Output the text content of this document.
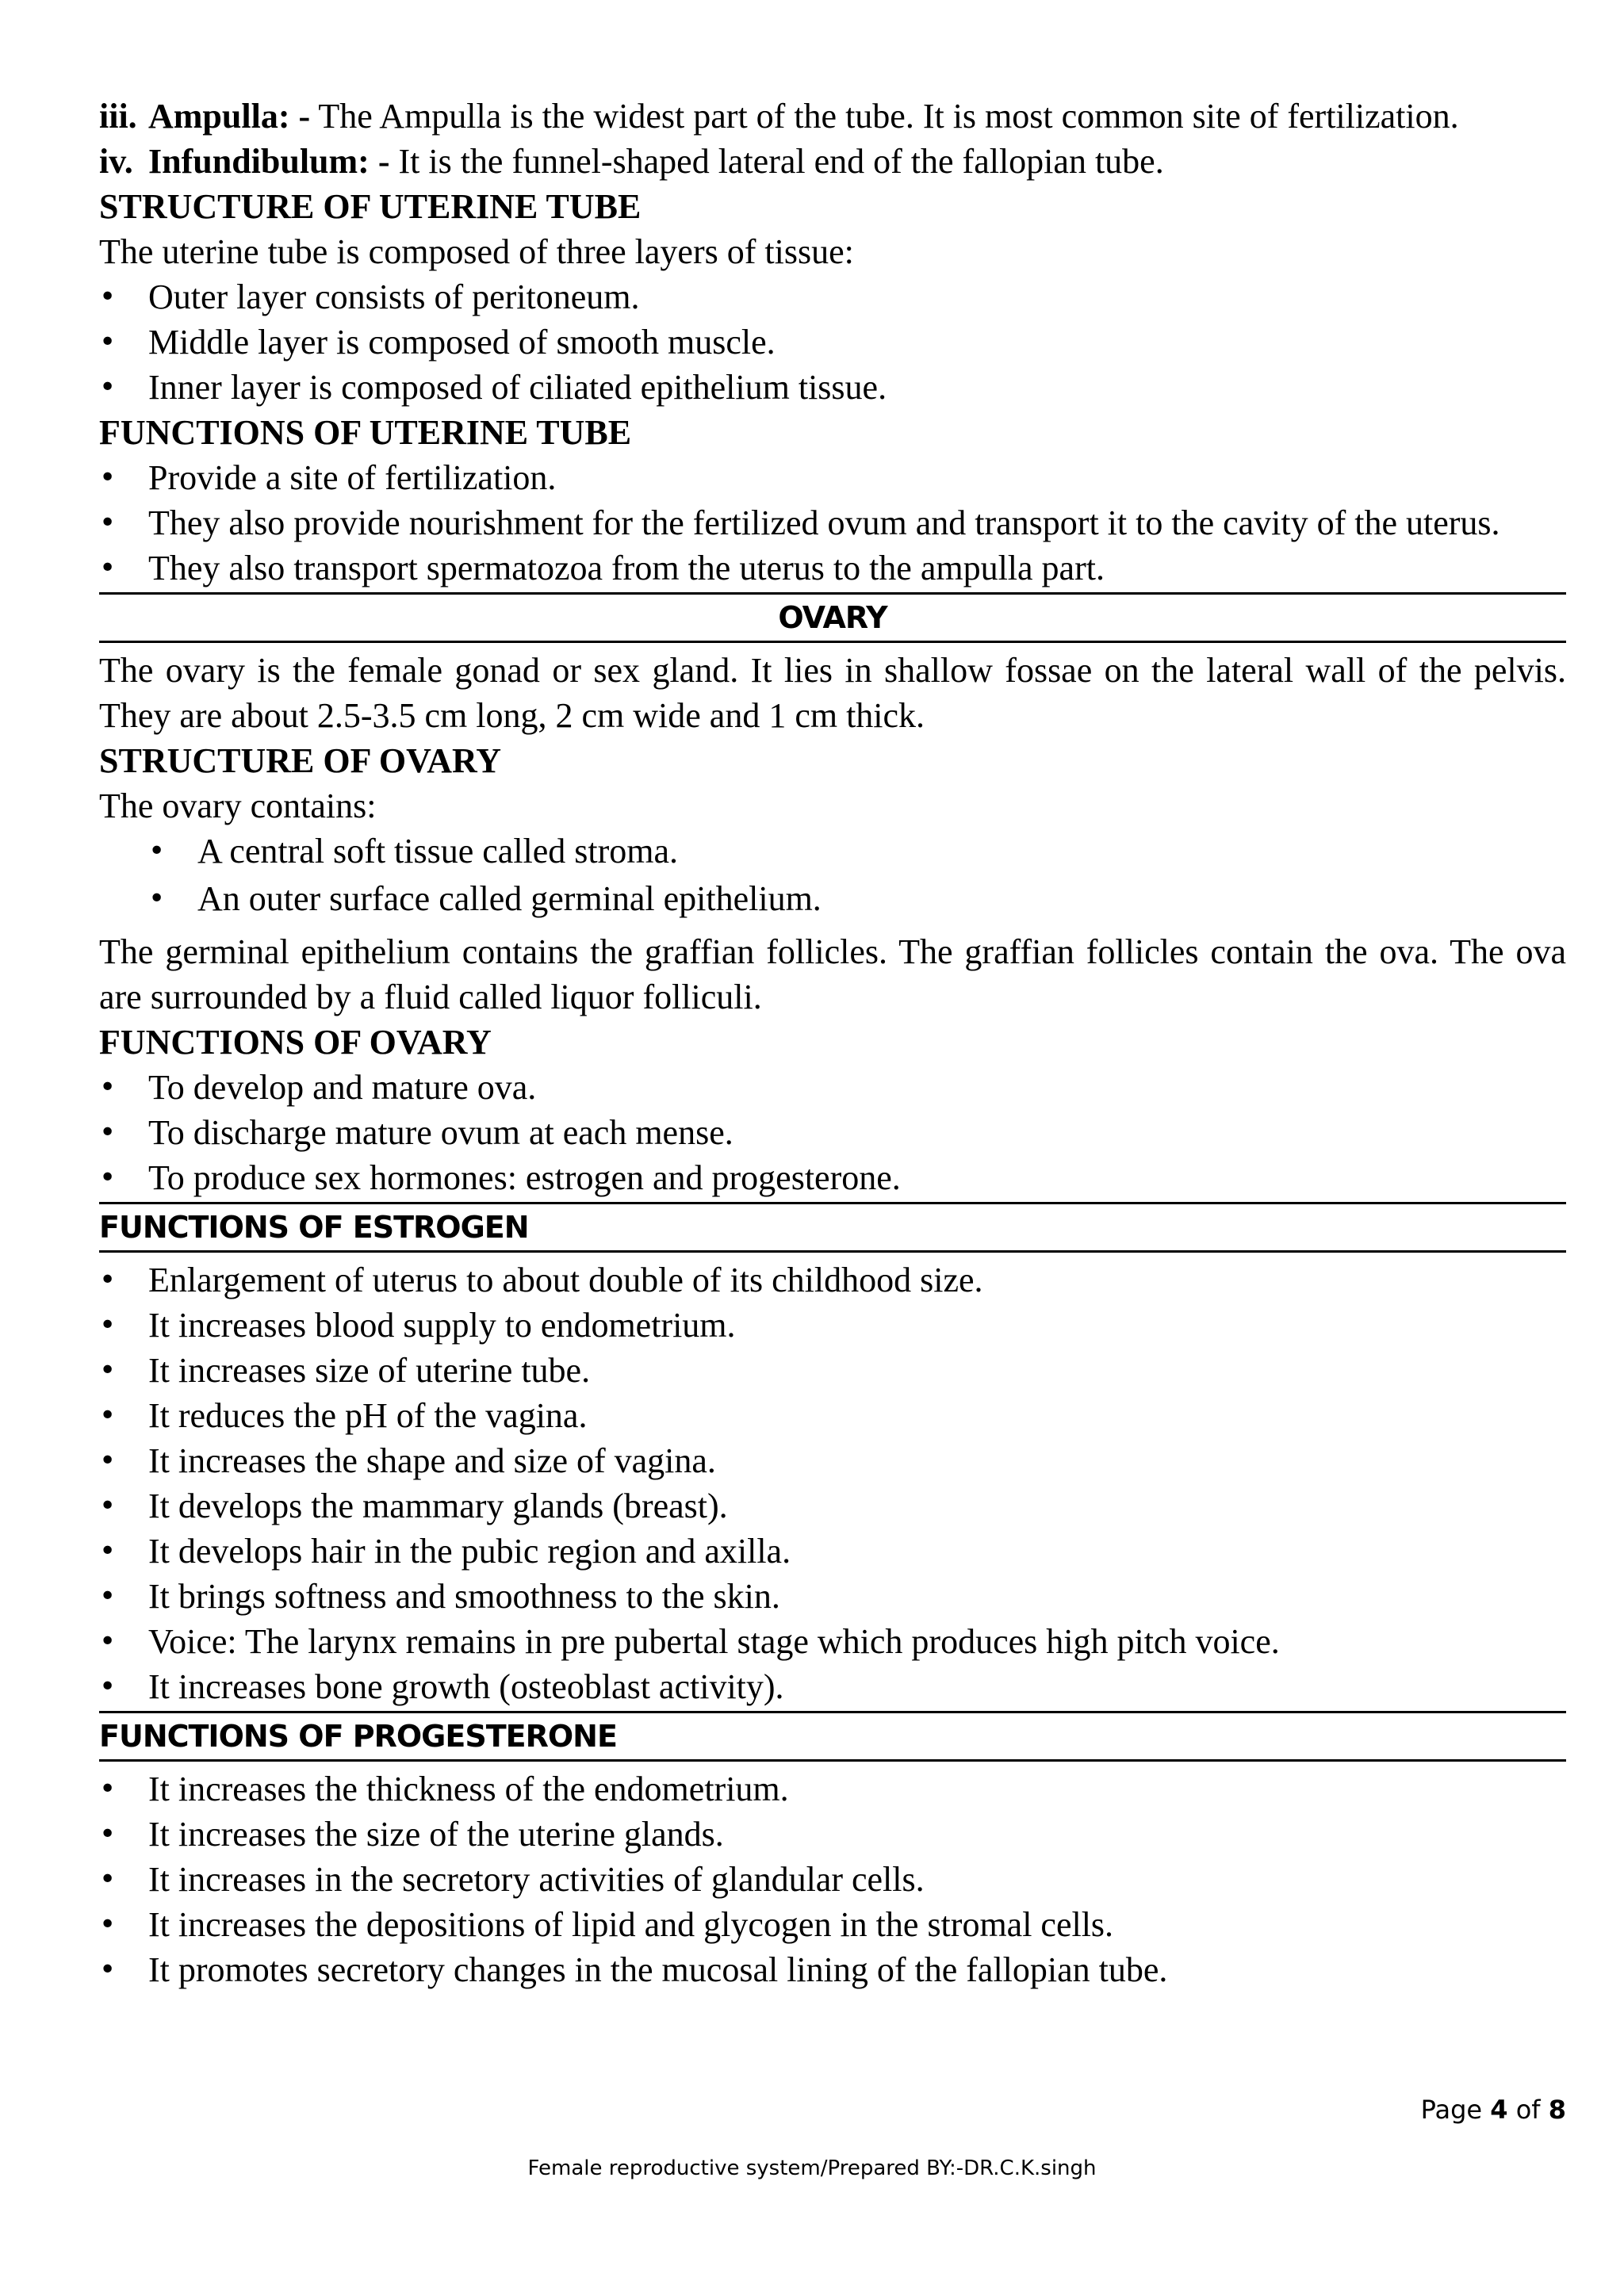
iii. Ampulla: - The Ampulla is the widest part of the tube. It is most common site of fertilization.
iv. Infundibulum: - It is the funnel-shaped lateral end of the fallopian tube.
STRUCTURE OF UTERINE TUBE
The uterine tube is composed of three layers of tissue:
• Outer layer consists of peritoneum.
• Middle layer is composed of smooth muscle.
• Inner layer is composed of ciliated epithelium tissue.
FUNCTIONS OF UTERINE TUBE
• Provide a site of fertilization.
• They also provide nourishment for the fertilized ovum and transport it to the cavity of the uterus.
• They also transport spermatozoa from the uterus to the ampulla part.
OVARY
The ovary is the female gonad or sex gland. It lies in shallow fossae on the lateral wall of the pelvis. They are about 2.5-3.5 cm long, 2 cm wide and 1 cm thick.
STRUCTURE OF OVARY
The ovary contains:
• A central soft tissue called stroma.
• An outer surface called germinal epithelium.
The germinal epithelium contains the graffian follicles. The graffian follicles contain the ova. The ova are surrounded by a fluid called liquor folliculi.
FUNCTIONS OF OVARY
• To develop and mature ova.
• To discharge mature ovum at each mense.
• To produce sex hormones: estrogen and progesterone.
FUNCTIONS OF ESTROGEN
• Enlargement of uterus to about double of its childhood size.
• It increases blood supply to endometrium.
• It increases size of uterine tube.
• It reduces the pH of the vagina.
• It increases the shape and size of vagina.
• It develops the mammary glands (breast).
• It develops hair in the pubic region and axilla.
• It brings softness and smoothness to the skin.
• Voice: The larynx remains in pre pubertal stage which produces high pitch voice.
• It increases bone growth (osteoblast activity).
FUNCTIONS OF PROGESTERONE
• It increases the thickness of the endometrium.
• It increases the size of the uterine glands.
• It increases in the secretory activities of glandular cells.
• It increases the depositions of lipid and glycogen in the stromal cells.
• It promotes secretory changes in the mucosal lining of the fallopian tube.
Page 4 of 8
Female reproductive system/Prepared BY:-DR.C.K.singh
